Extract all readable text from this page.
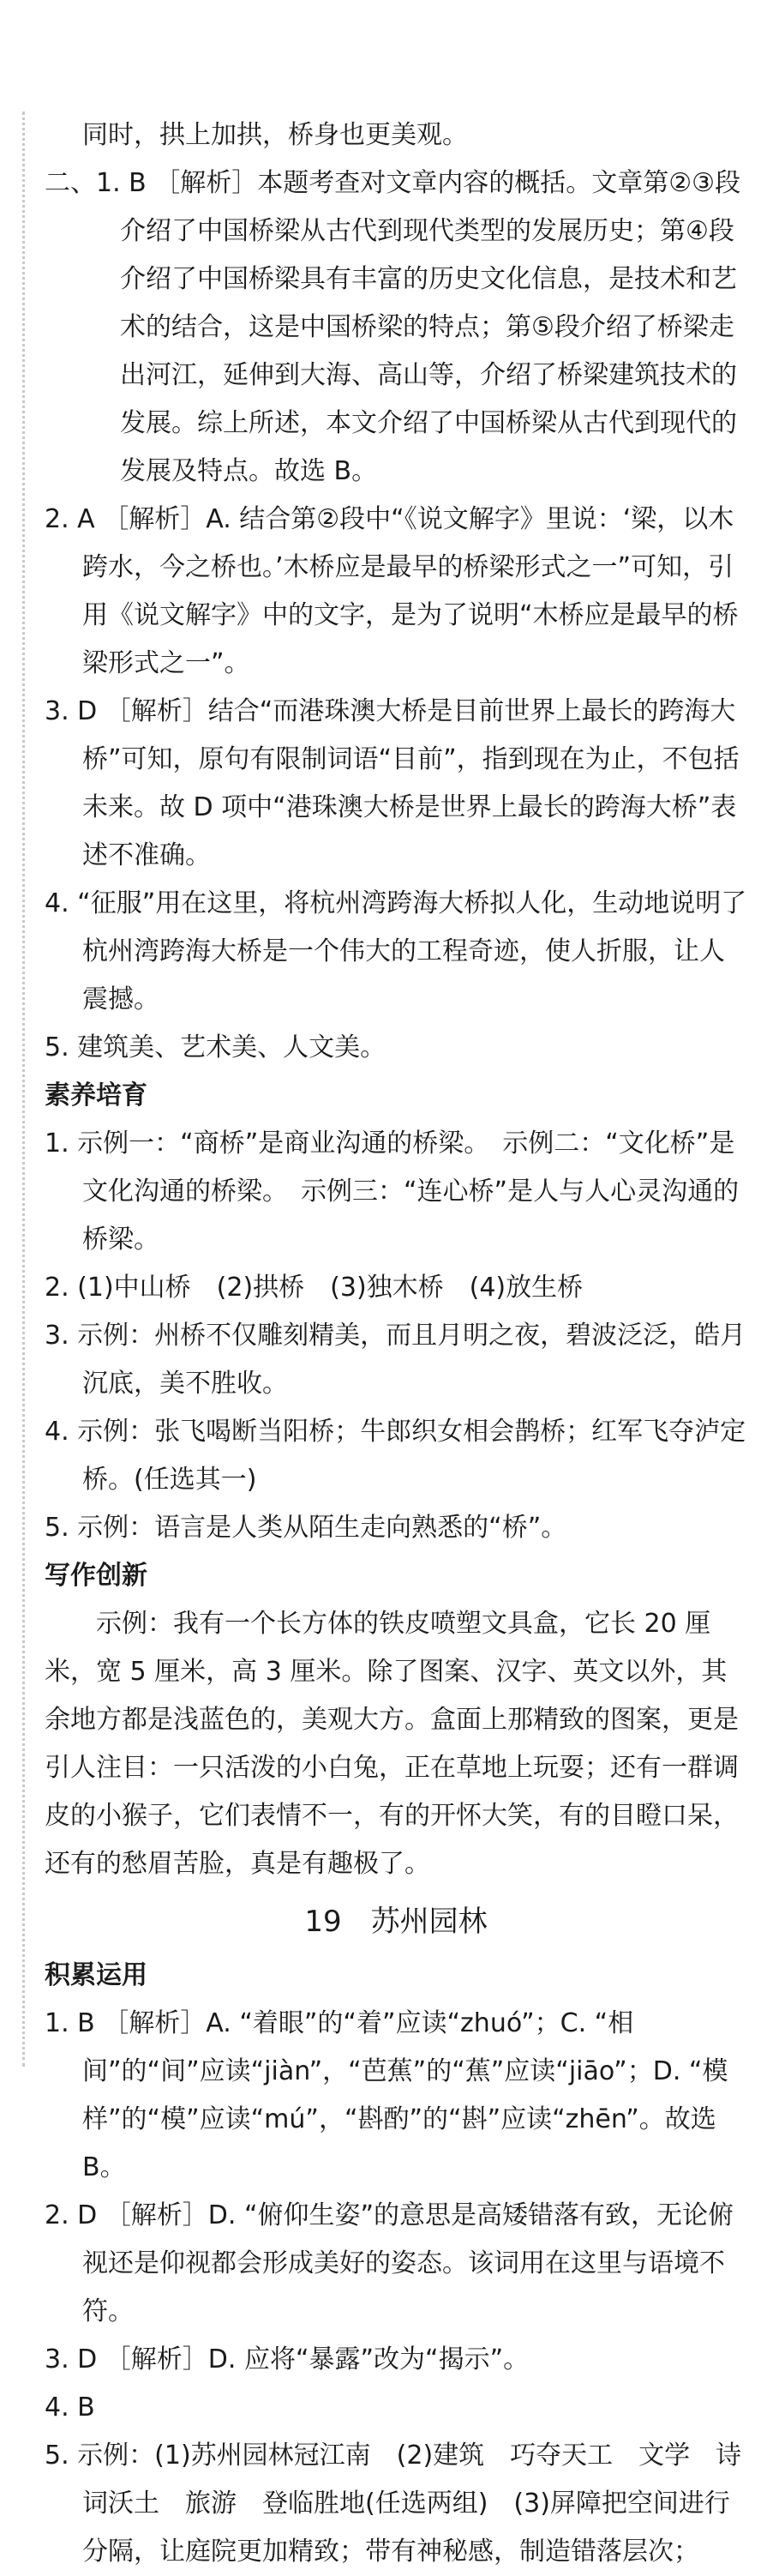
同时，拱上加拱，桥身也更美观。

二、1. B ［解析］本题考查对文章内容的概括。文章第②③段介绍了中国桥梁从古代到现代类型的发展历史；第④段介绍了中国桥梁具有丰富的历史文化信息，是技术和艺术的结合，这是中国桥梁的特点；第⑤段介绍了桥梁走出河江，延伸到大海、高山等，介绍了桥梁建筑技术的发展。综上所述，本文介绍了中国桥梁从古代到现代的发展及特点。故选 B。

2. A ［解析］A. 结合第②段中“《说文解字》里说：‘梁，以木跨水，今之桥也。’木桥应是最早的桥梁形式之一”可知，引用《说文解字》中的文字，是为了说明“木桥应是最早的桥梁形式之一”。

3. D ［解析］结合“而港珠澳大桥是目前世界上最长的跨海大桥”可知，原句有限制词语“目前”，指到现在为止，不包括未来。故 D 项中“港珠澳大桥是世界上最长的跨海大桥”表述不准确。

4. “征服”用在这里，将杭州湾跨海大桥拟人化，生动地说明了杭州湾跨海大桥是一个伟大的工程奇迹，使人折服，让人震撼。

5. 建筑美、艺术美、人文美。

素养培育

1. 示例一：“商桥”是商业沟通的桥梁。　示例二：“文化桥”是文化沟通的桥梁。　示例三：“连心桥”是人与人心灵沟通的桥梁。

2. (1)中山桥　(2)拱桥　(3)独木桥　(4)放生桥

3. 示例：州桥不仅雕刻精美，而且月明之夜，碧波泛泛，皓月沉底，美不胜收。

4. 示例：张飞喝断当阳桥；牛郎织女相会鹊桥；红军飞夺泸定桥。(任选其一)

5. 示例：语言是人类从陌生走向熟悉的“桥”。

写作创新

示例：我有一个长方体的铁皮喷塑文具盒，它长 20 厘米，宽 5 厘米，高 3 厘米。除了图案、汉字、英文以外，其余地方都是浅蓝色的，美观大方。盒面上那精致的图案，更是引人注目：一只活泼的小白兔，正在草地上玩耍；还有一群调皮的小猴子，它们表情不一，有的开怀大笑，有的目瞪口呆，还有的愁眉苦脸，真是有趣极了。

19　苏州园林

积累运用

1. B ［解析］A. “着眼”的“着”应读“zhuó”；C. “相间”的“间”应读“jiàn”，“芭蕉”的“蕉”应读“jiāo”；D. “模样”的“模”应读“mú”，“斟酌”的“斟”应读“zhēn”。故选 B。

2. D ［解析］D. “俯仰生姿”的意思是高矮错落有致，无论俯视还是仰视都会形成美好的姿态。该词用在这里与语境不符。

3. D ［解析］D. 应将“暴露”改为“揭示”。

4. B

5. 示例：(1)苏州园林冠江南　(2)建筑　巧夺天工　文学　诗词沃土　旅游　登临胜地(任选两组)　(3)屏障把空间进行分隔，让庭院更加精致；带有神秘感，制造错落层次；
